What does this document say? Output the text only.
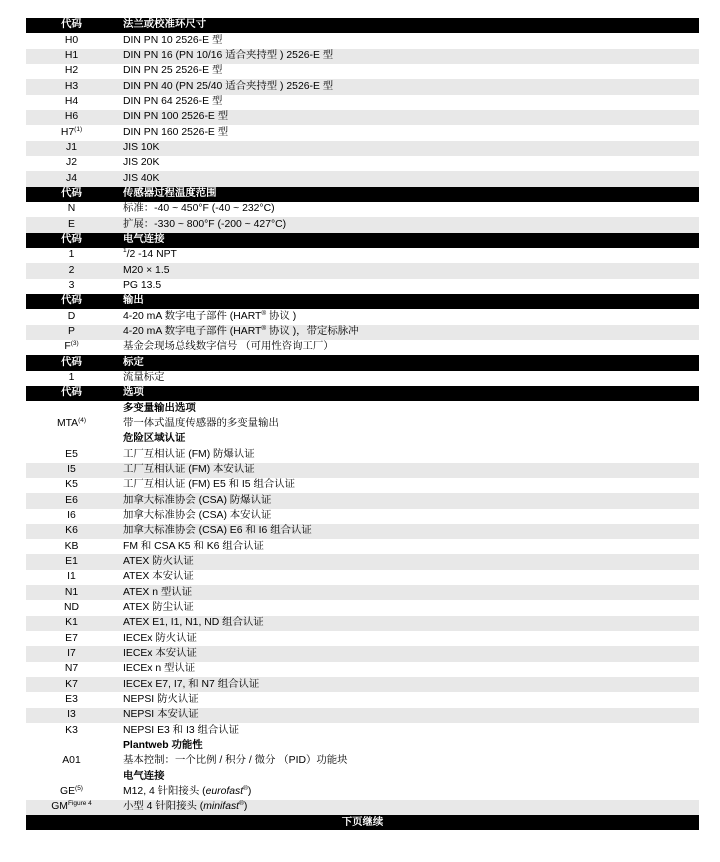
代码	法兰或校准环尺寸
H0	DIN PN 10 2526-E 型
H1	DIN PN 16 (PN 10/16 适合夹持型 ) 2526-E 型
H2	DIN PN 25 2526-E 型
H3	DIN PN 40 (PN 25/40 适合夹持型 ) 2526-E 型
H4	DIN PN 64 2526-E 型
H6	DIN PN 100 2526-E 型
H7$^{(1)}$	DIN PN 160 2526-E 型
J1	JIS 10K
J2	JIS 20K
J4	JIS 40K
代码	传感器过程温度范围
N	标准：-40 ~ 450°F (-40 ~ 232°C)
E	扩展：-330 ~ 800°F (-200 ~ 427°C)
代码	电气连接
1	$^1$/2 -14 NPT
2	M20 × 1.5
3	PG 13.5
代码	输出
D	4-20 mA 数字电子部件 (HART® 协议 )
P	4-20 mA 数字电子部件 (HART® 协议 )，带定标脉冲
$F^{(3)}$	基金会现场总线数字信号 （可用性咨询工厂）
代码	标定
1	流量标定
代码	选项
多变量输出选项
MTA$^{(4)}$	带一体式温度传感器的多变量输出
危险区域认证
E5	工厂互相认证 (FM) 防爆认证
I5	工厂互相认证 (FM) 本安认证
K5	工厂互相认证 (FM) E5 和 I5 组合认证
E6	加拿大标准协会 (CSA) 防爆认证
I6	加拿大标准协会 (CSA) 本安认证
K6	加拿大标准协会 (CSA) E6 和 I6 组合认证
KB	FM 和 CSA K5 和 K6 组合认证
E1	ATEX 防火认证
I1	ATEX 本安认证
N1	ATEX n 型认证
ND	ATEX 防尘认证
K1	ATEX E1, I1, N1, ND 组合认证
E7	IECEx 防火认证
I7	IECEx 本安认证
N7	IECEx n 型认证
K7	IECEx E7, I7, 和 N7 组合认证
E3	NEPSI 防火认证
I3	NEPSI 本安认证
K3	NEPSI E3 和 I3 组合认证
Plantweb 功能性
A01	基本控制：一个比例 / 积分 / 微分 （PID）功能块
电气连接
GE$^{(5)}$	M12, 4 针阳接头 (eurofast®)
$GM^{Figure 4}$	小型 4 针阳接头 (minifast®)
下页继续
